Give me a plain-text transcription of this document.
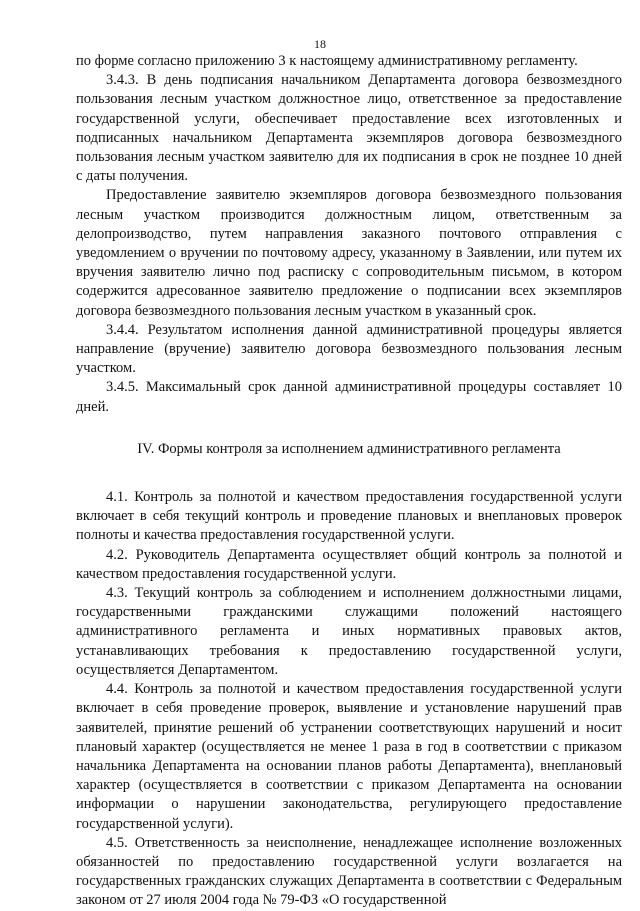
18

по форме согласно приложению 3 к настоящему административному регламенту.

3.4.3. В день подписания начальником Департамента договора безвозмездного пользования лесным участком должностное лицо, ответственное за предоставление государственной услуги, обеспечивает предоставление всех изготовленных и подписанных начальником Департамента экземпляров договора безвозмездного пользования лесным участком заявителю для их подписания в срок не позднее 10 дней с даты получения.

Предоставление заявителю экземпляров договора безвозмездного пользования лесным участком производится должностным лицом, ответственным за делопроизводство, путем направления заказного почтового отправления с уведомлением о вручении по почтовому адресу, указанному в Заявлении, или путем их вручения заявителю лично под расписку с сопроводительным письмом, в котором содержится адресованное заявителю предложение о подписании всех экземпляров договора безвозмездного пользования лесным участком в указанный срок.

3.4.4. Результатом исполнения данной административной процедуры является направление (вручение) заявителю договора безвозмездного пользования лесным участком.

3.4.5. Максимальный срок данной административной процедуры составляет 10 дней.

IV. Формы контроля за исполнением административного регламента

4.1. Контроль за полнотой и качеством предоставления государственной услуги включает в себя текущий контроль и проведение плановых и внеплановых проверок полноты и качества предоставления государственной услуги.

4.2. Руководитель Департамента осуществляет общий контроль за полнотой и качеством предоставления государственной услуги.

4.3. Текущий контроль за соблюдением и исполнением должностными лицами, государственными гражданскими служащими положений настоящего административного регламента и иных нормативных правовых актов, устанавливающих требования к предоставлению государственной услуги, осуществляется Департаментом.

4.4. Контроль за полнотой и качеством предоставления государственной услуги включает в себя проведение проверок, выявление и установление нарушений прав заявителей, принятие решений об устранении соответствующих нарушений и носит плановый характер (осуществляется не менее 1 раза в год в соответствии с приказом начальника Департамента на основании планов работы Департамента), внеплановый характер (осуществляется в соответствии с приказом Департамента на основании информации о нарушении законодательства, регулирующего предоставление государственной услуги).

4.5. Ответственность за неисполнение, ненадлежащее исполнение возложенных обязанностей по предоставлению государственной услуги возлагается на государственных гражданских служащих Департамента в соответствии с Федеральным законом от 27 июля 2004 года № 79-ФЗ «О государственной
